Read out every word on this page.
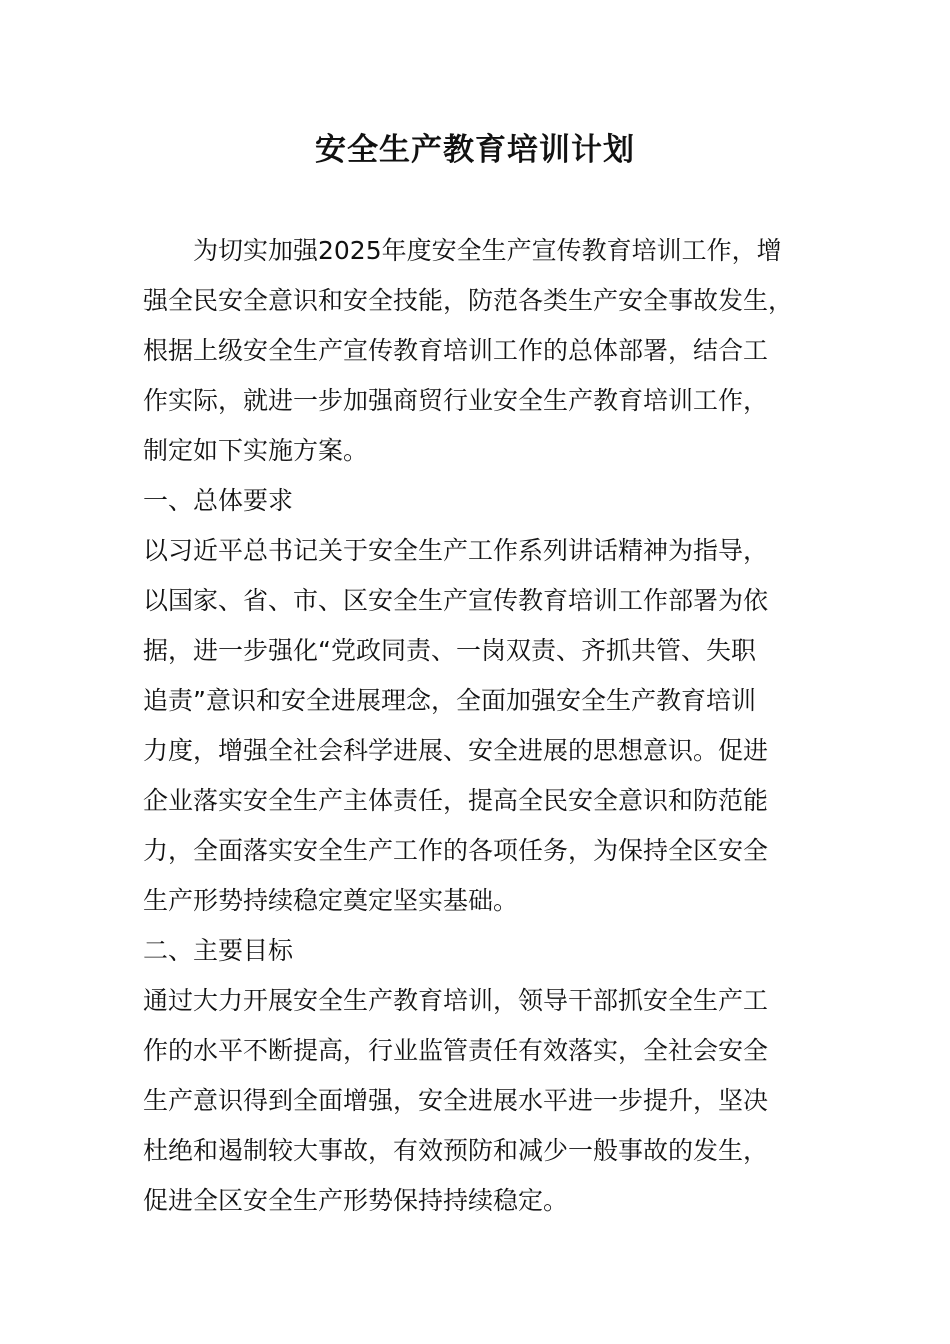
安全生产教育培训计划
为切实加强2025年度安全生产宣传教育培训工作，增
强全民安全意识和安全技能，防范各类生产安全事故发生，
根据上级安全生产宣传教育培训工作的总体部署，结合工
作实际，就进一步加强商贸行业安全生产教育培训工作，
制定如下实施方案。
一、总体要求
以习近平总书记关于安全生产工作系列讲话精神为指导，
以国家、省、市、区安全生产宣传教育培训工作部署为依
据，进一步强化“党政同责、一岗双责、齐抓共管、失职
追责”意识和安全进展理念，全面加强安全生产教育培训
力度，增强全社会科学进展、安全进展的思想意识。促进
企业落实安全生产主体责任，提高全民安全意识和防范能
力，全面落实安全生产工作的各项任务，为保持全区安全
生产形势持续稳定奠定坚实基础。
二、主要目标
通过大力开展安全生产教育培训，领导干部抓安全生产工
作的水平不断提高，行业监管责任有效落实，全社会安全
生产意识得到全面增强，安全进展水平进一步提升，坚决
杜绝和遏制较大事故，有效预防和减少一般事故的发生，
促进全区安全生产形势保持持续稳定。
